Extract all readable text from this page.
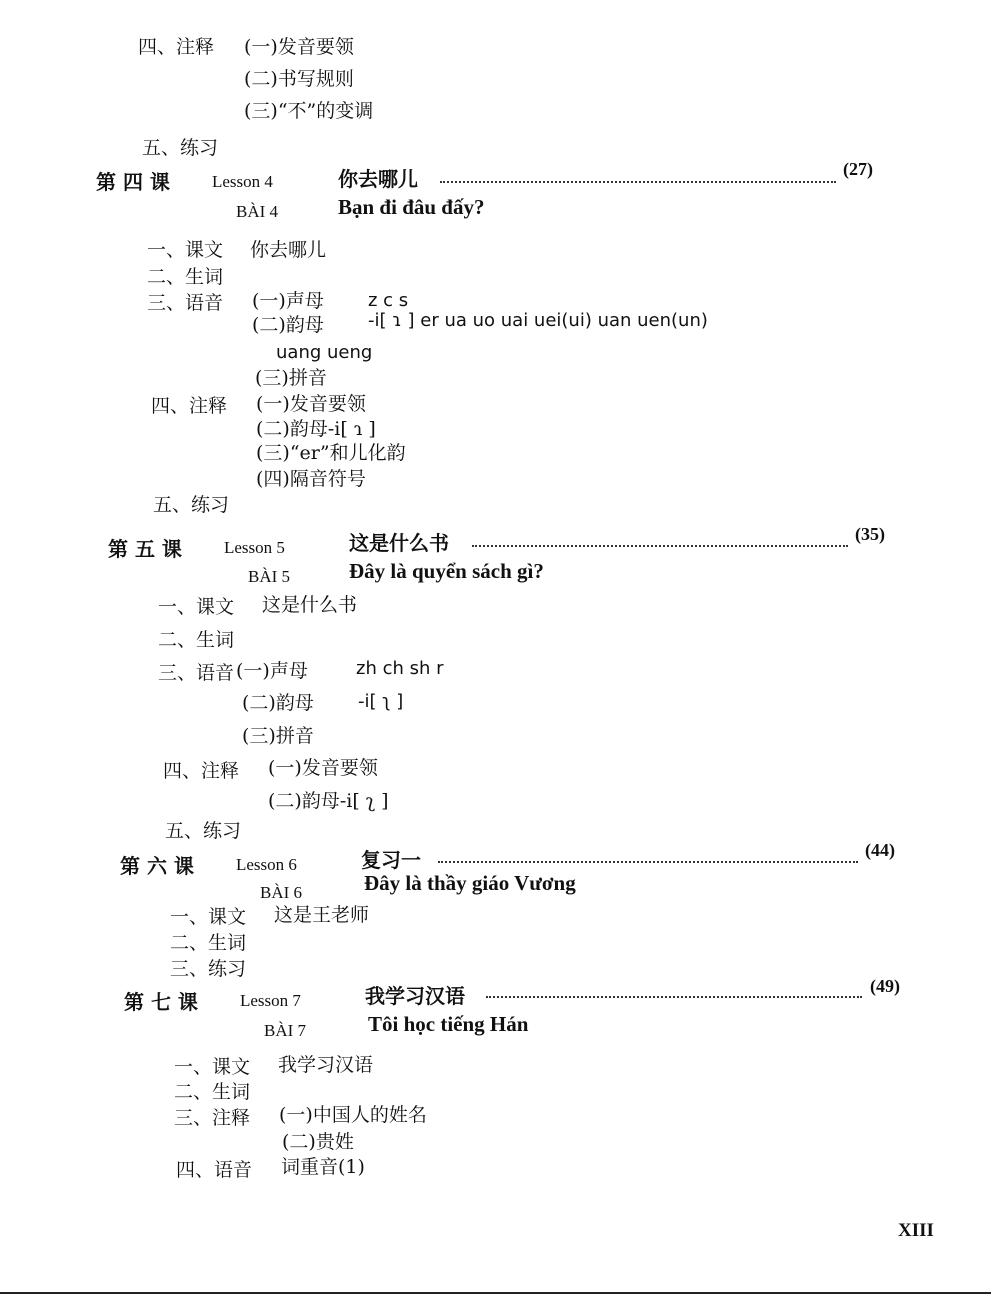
四、注释 (一)发音要领
(二)书写规则
(三)“不”的变调
五、练习
第 四 课 Lesson 4	你去哪儿	(27)
BÀI 4	Bạn đi đâu đấy?
一、课文 你去哪儿
二、生词
三、语音 (一)声母 z c s
(二)韵母 -i[ ɿ ] er ua uo uai uei(ui) uan uen(un)
uang ueng
(三)拼音
四、注释 (一)发音要领
(二)韵母-i[ ɿ ]
(三)“er”和儿化韵
(四)隔音符号
五、练习
第 五 课 Lesson 5	这是什么书	(35)
BÀI 5	Đây là quyển sách gì?
一、课文 这是什么书
二、生词
三、语音 (一)声母	zh ch sh r
(二)韵母 -i[ ʅ ]
(三)拼音
四、注释 (一)发音要领
(二)韵母-i[ ʅ ]
五、练习
第 六 课 Lesson 6	复习一	(44)
BÀI 6	Đây là thầy giáo Vương
一、课文 这是王老师
二、生词
三、练习
第 七 课 Lesson 7	我学习汉语	(49)
BÀI 7	Tôi học tiếng Hán
一、课文 我学习汉语
二、生词
三、注释 (一)中国人的姓名
(二)贵姓
四、语音 词重音(1)
XIII
